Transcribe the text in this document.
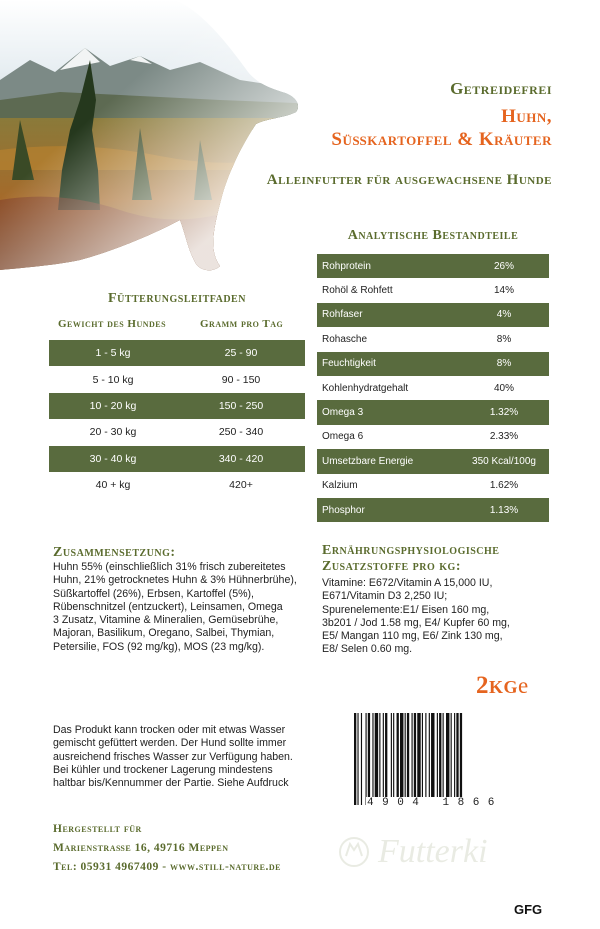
Getreidefrei
Huhn,
Süßkartoffel & Kräuter
Alleinfutter für ausgewachsene Hunde
Analytische Bestandteile
Rohprotein	26%
Rohöl & Rohfett	14%
Rohfaser	4%
Rohasche	8%
Feuchtigkeit	8%
Kohlenhydratgehalt	40%
Omega 3	1.32%
Omega 6	2.33%
Umsetzbare Energie	350 Kcal/100g
Kalzium	1.62%
Phosphor	1.13%
Fütterungsleitfaden
Gewicht des Hundes	Gramm pro Tag
1 - 5 kg	25 - 90
5 - 10 kg	90 - 150
10 - 20 kg	150 - 250
20 - 30 kg	250 - 340
30 - 40 kg	340 - 420
40 + kg	420+
Zusammensetzung:
Huhn 55% (einschließlich 31% frisch zubereitetes
Huhn, 21% getrocknetes Huhn & 3% Hühnerbrühe),
Süßkartoffel (26%), Erbsen, Kartoffel (5%),
Rübenschnitzel (entzuckert), Leinsamen, Omega
3 Zusatz, Vitamine & Mineralien, Gemüsebrühe,
Majoran, Basilikum, Oregano, Salbei, Thymian,
Petersilie, FOS (92 mg/kg), MOS (23 mg/kg).
Ernährungsphysiologische
Zusatzstoffe pro kg:
Vitamine: E672/Vitamin A 15,000 IU,
E671/Vitamin D3 2,250 IU;
Spurenelemente:E1/ Eisen 160 mg,
3b201 / Jod 1.58 mg, E4/ Kupfer 60 mg,
E5/ Mangan 110 mg, E6/ Zink 130 mg,
E8/ Selen 0.60 mg.
2kge
Das Produkt kann trocken oder mit etwas Wasser
gemischt gefüttert werden. Der Hund sollte immer
ausreichend frisches Wasser zur Verfügung haben.
Bei kühler und trockener Lagerung mindestens
haltbar bis/Kennummer der Partie. Siehe Aufdruck
4904 1866
Hergestellt für
Marienstraße 16, 49716 Meppen
Tel: 05931 4967409 - www.still-nature.de	Futterki
GFG
